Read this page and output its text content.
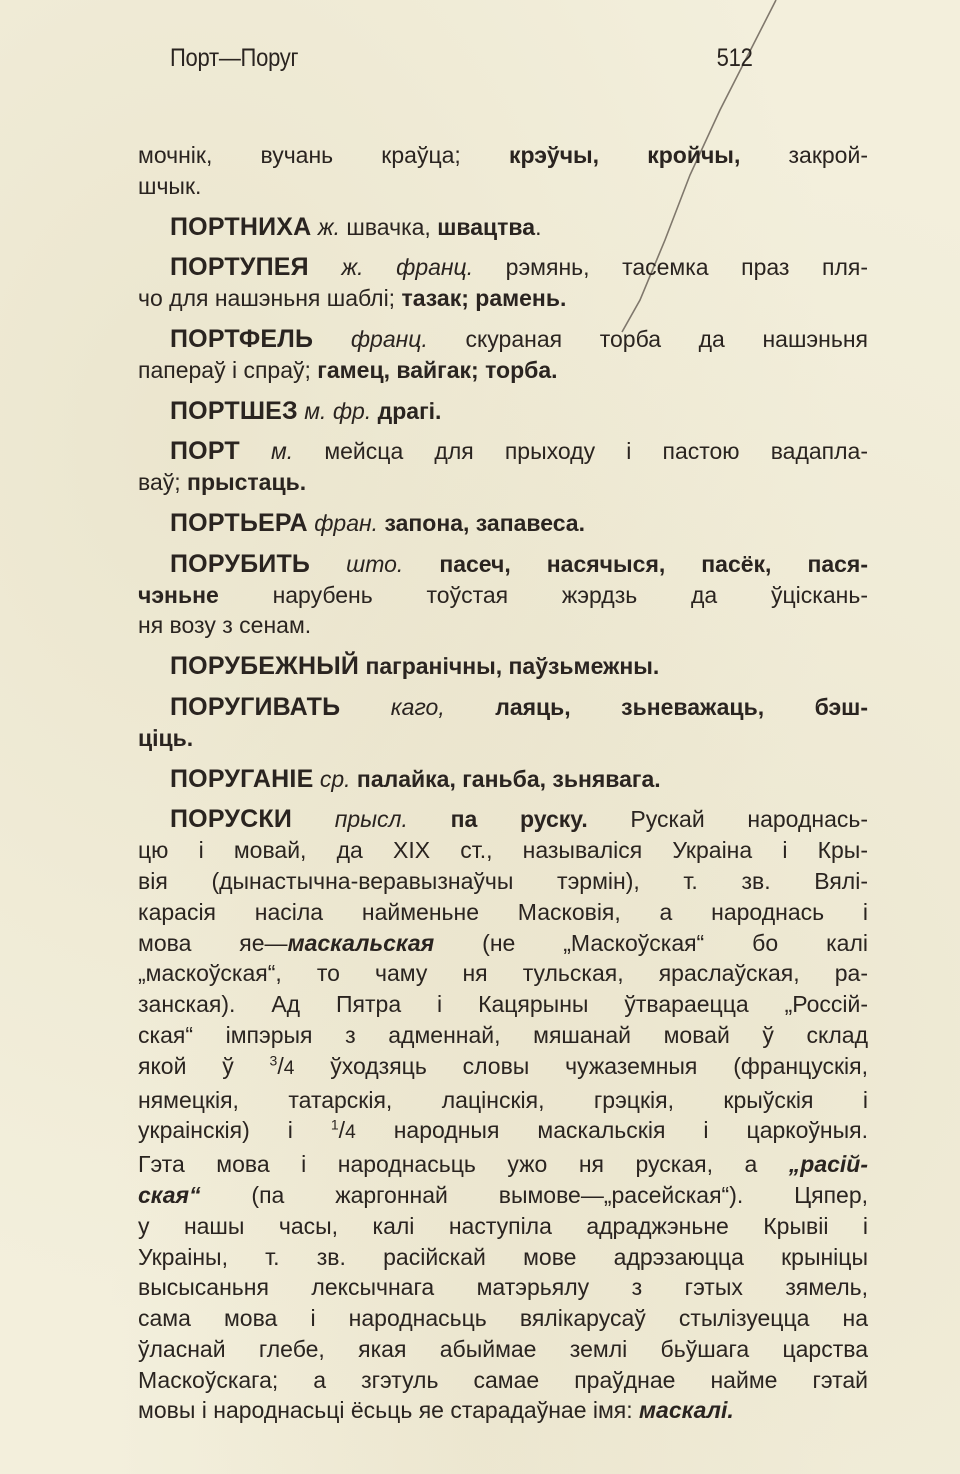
Порт—Поруг	512

мочнік, вучань краўца; крэўчы, кройчы, закрой-
шчык.

ПОРТНИХА ж. швачка, швацтва.

ПОРТУПЕЯ ж. франц. рэмянь, тасемка праз пля-
чо для нашэньня шаблі; тазак; рамень.

ПОРТФЕЛЬ франц. скураная торба да нашэньня
папераў і спраў; гамец, вайгак; торба.

ПОРТШЕЗ м. фр. драгі.

ПОРТ м. мейсца для прыходу і пастою вадапла-
ваў; прыстаць.

ПОРТЬЕРА фран. запона, запавеса.

ПОРУБИТЬ што. пасеч, насячыся, пасёк, пася-
чэньне нарубень тоўстая жэрдзь да ўціскань-
ня возу з сенам.

ПОРУБЕЖНЫЙ пагранічны, паўзьмежны.

ПОРУГИВАТЬ каго, лаяць, зьневажаць, бэш-
ціць.

ПОРУГАНІЕ ср. палайка, ганьба, зьнявага.

ПОРУСКИ прысл. па рускy. Рускай народнась-
цю і мовай, да XIX ст., называліся Украіна і Кры-
вія (дынастычна-веравызнаўчы тэрмін), т. зв. Вялі-
карасія насіла найменьне Масковія, а народнась і
мова яе—маскальская (не „Маскоўская“ бо калі
„маскоўская“, то чаму ня тульская, яраслаўская, ра-
занская). Ад Пятра і Кацярыны ўтвараецца „Россій-
ская“ імпэрыя з адменнай, мяшанай мовай ў склад
якой ў $^3$/4 ўходзяць словы чужаземныя (францускія,
нямецкія, татарскія, лацінскія, грэцкія, крыўскія і
украінскія) і $^1$/4 народныя маскальскія і царкоўныя.
Гэта мова і народнасьць ужо ня руская, а „расій-
ская“ (па жаргоннай вымове—„расейская“). Цяпер,
у нашы часы, калі наступіла адраджэньне Крывіі і
Украіны, т. зв. расійскай мове адрэзаюцца крыніцы
высысаньня лексычнага матэрьялу з гэтых зямель,
сама мова і народнасьць вялікарусаў стылізуецца на
ўласнай глебе, якая абыймае землі бьўшага царства
Маскоўскага; а згэтуль самае праўднае найме гэтай
мовы і народнасьці ёсьць яе старадаўнае імя: маскалі.
